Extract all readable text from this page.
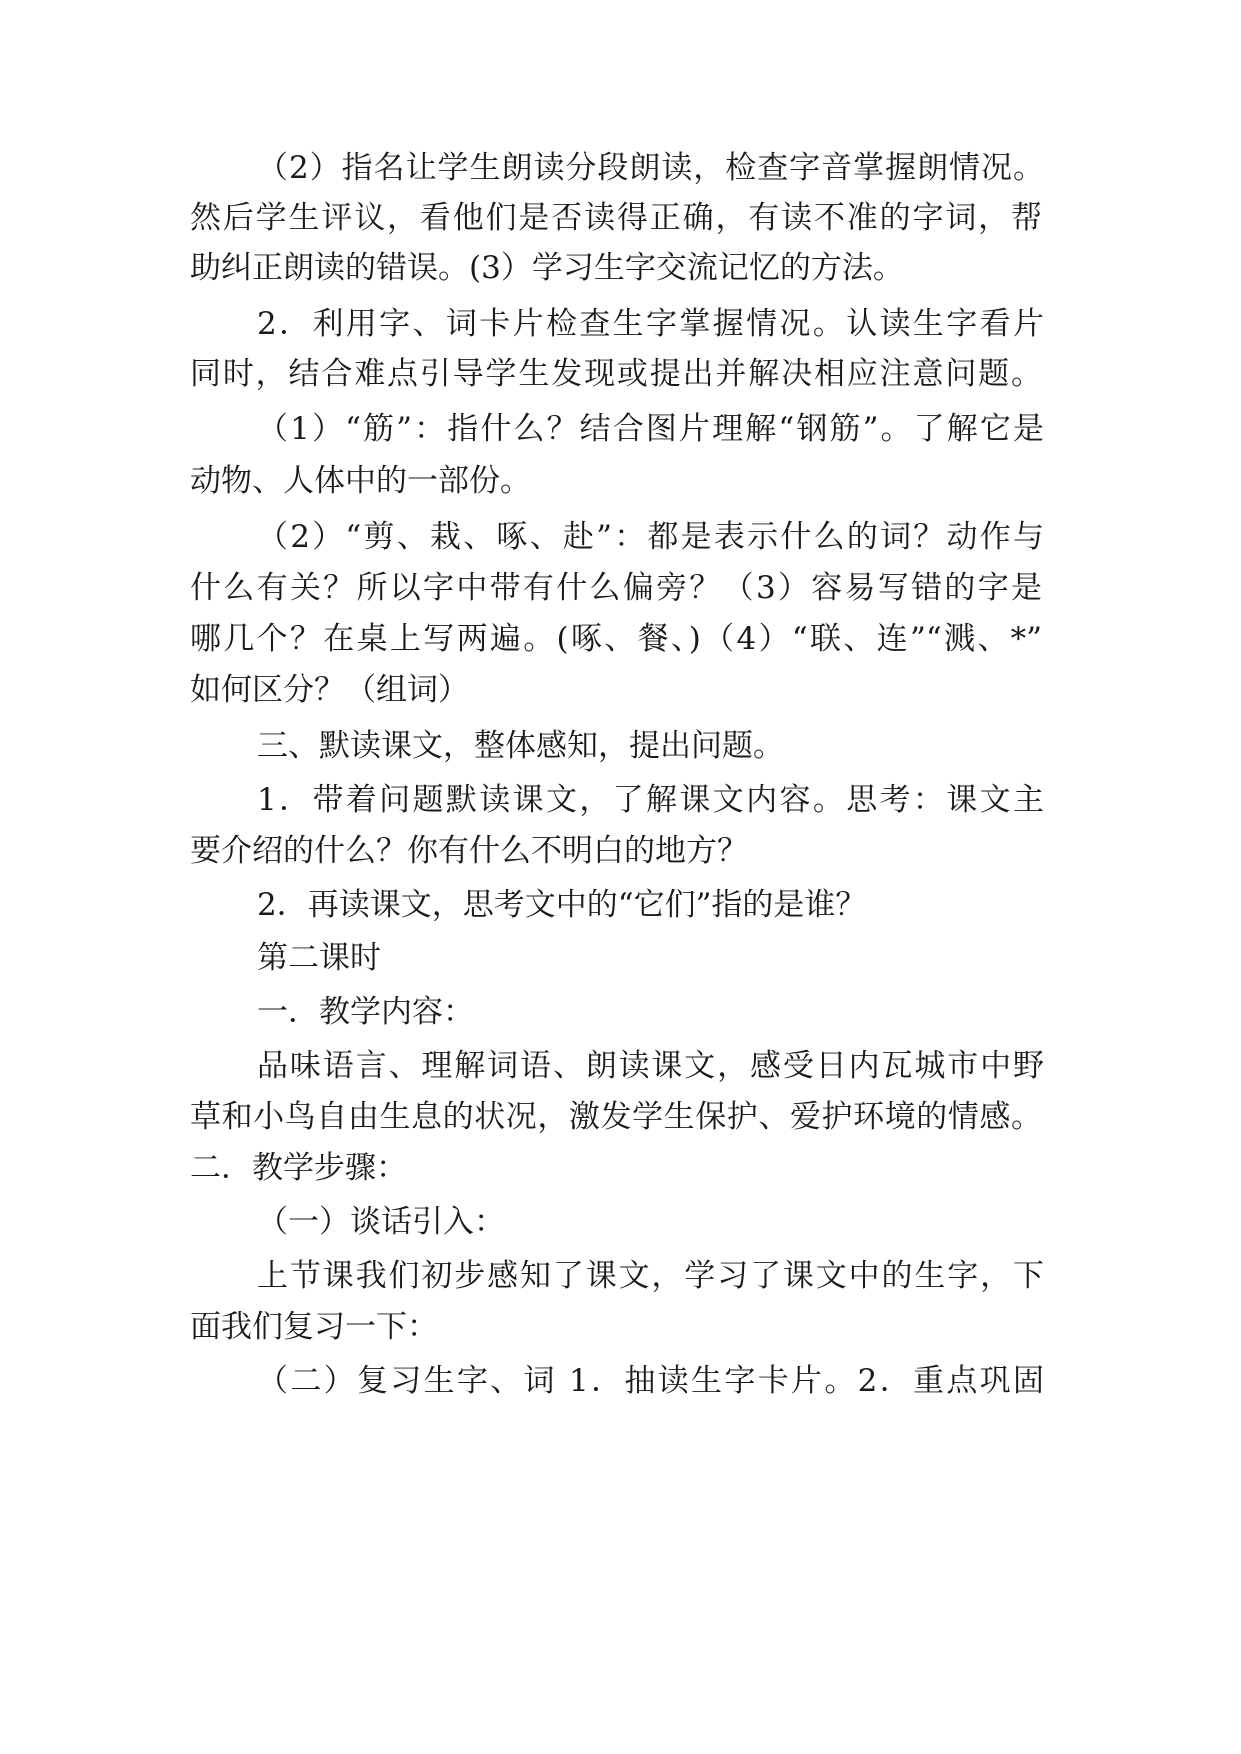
（2）指名让学生朗读分段朗读，检查字音掌握朗情况。
然后学生评议，看他们是否读得正确，有读不准的字词，帮
助纠正朗读的错误。(3）学习生字交流记忆的方法。
2．利用字、词卡片检查生字掌握情况。认读生字看片
同时，结合难点引导学生发现或提出并解决相应注意问题。
（1）“筋”：指什么？结合图片理解“钢筋”。了解它是
动物、人体中的一部份。
（2）“剪、栽、啄、赴”：都是表示什么的词？动作与
什么有关？所以字中带有什么偏旁？（3）容易写错的字是
哪几个？在桌上写两遍。(啄、餐、)（4）“联、连”“溅、*”
如何区分？（组词）
三、默读课文，整体感知，提出问题。
1．带着问题默读课文，了解课文内容。思考：课文主
要介绍的什么？你有什么不明白的地方？
2．再读课文，思考文中的“它们”指的是谁？
第二课时
一．教学内容：
品味语言、理解词语、朗读课文，感受日内瓦城市中野
草和小鸟自由生息的状况，激发学生保护、爱护环境的情感。
二．教学步骤：
（一）谈话引入：
上节课我们初步感知了课文，学习了课文中的生字，下
面我们复习一下：
（二）复习生字、词 1．抽读生字卡片。2．重点巩固
